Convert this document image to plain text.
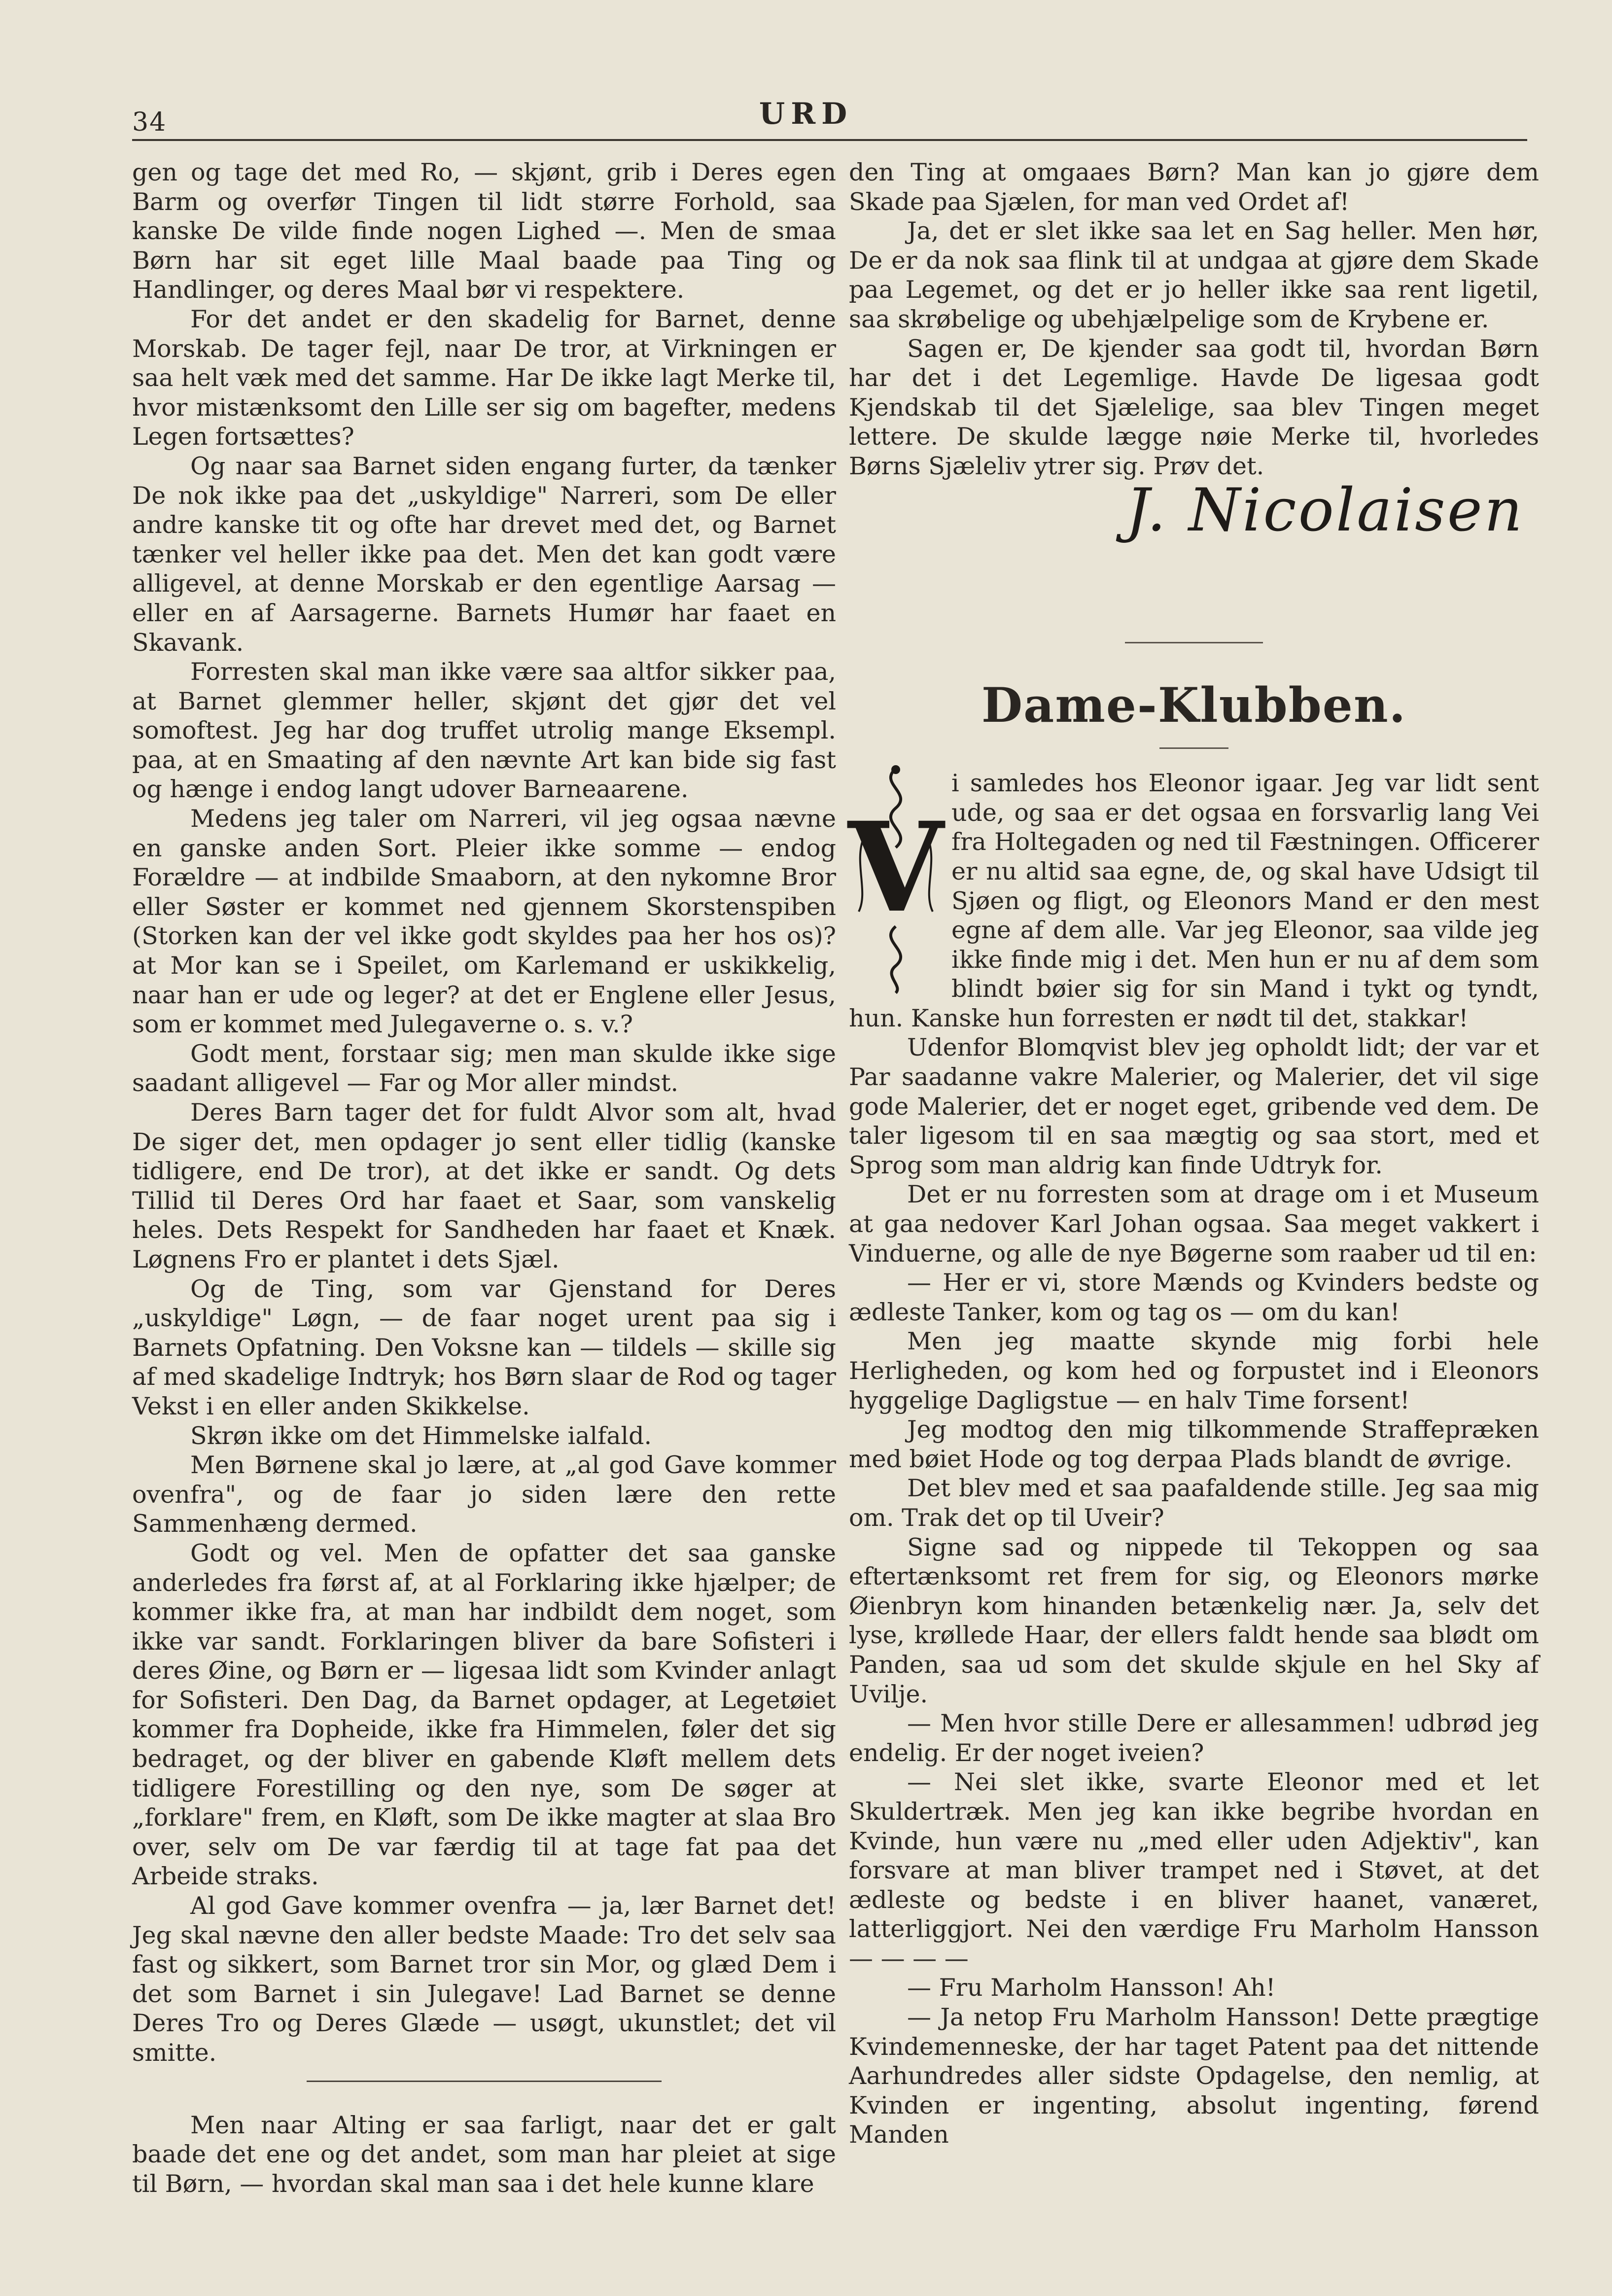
34	URD

gen og tage det med Ro, — skjønt, grib i Deres egen Barm og overfør Tingen til lidt større Forhold, saa kanske De vilde finde nogen Lighed —. Men de smaa Børn har sit eget lille Maal baade paa Ting og Handlinger, og deres Maal bør vi respektere.

For det andet er den skadelig for Barnet, denne Morskab. De tager fejl, naar De tror, at Virkningen er saa helt væk med det samme. Har De ikke lagt Merke til, hvor mistænksomt den Lille ser sig om bagefter, medens Legen fortsættes?

Og naar saa Barnet siden engang furter, da tænker De nok ikke paa det „uskyldige" Narreri, som De eller andre kanske tit og ofte har drevet med det, og Barnet tænker vel heller ikke paa det. Men det kan godt være alligevel, at denne Morskab er den egentlige Aarsag — eller en af Aarsagerne. Barnets Humør har faaet en Skavank.

Forresten skal man ikke være saa altfor sikker paa, at Barnet glemmer heller, skjønt det gjør det vel somoftest. Jeg har dog truffet utrolig mange Eksempl. paa, at en Smaating af den nævnte Art kan bide sig fast og hænge i endog langt udover Barneaarene.

Medens jeg taler om Narreri, vil jeg ogsaa nævne en ganske anden Sort. Pleier ikke somme — endog Forældre — at indbilde Smaaborn, at den nykomne Bror eller Søster er kommet ned gjennem Skorstenspiben (Storken kan der vel ikke godt skyldes paa her hos os)? at Mor kan se i Speilet, om Karlemand er uskikkelig, naar han er ude og leger? at det er Englene eller Jesus, som er kommet med Julegaverne o. s. v.?

Godt ment, forstaar sig; men man skulde ikke sige saadant alligevel — Far og Mor aller mindst.

Deres Barn tager det for fuldt Alvor som alt, hvad De siger det, men opdager jo sent eller tidlig (kanske tidligere, end De tror), at det ikke er sandt. Og dets Tillid til Deres Ord har faaet et Saar, som vanskelig heles. Dets Respekt for Sandheden har faaet et Knæk. Løgnens Fro er plantet i dets Sjæl.

Og de Ting, som var Gjenstand for Deres „uskyldige" Løgn, — de faar noget urent paa sig i Barnets Opfatning. Den Voksne kan — tildels — skille sig af med skadelige Indtryk; hos Børn slaar de Rod og tager Vekst i en eller anden Skikkelse.

Skrøn ikke om det Himmelske ialfald.

Men Børnene skal jo lære, at „al god Gave kommer ovenfra", og de faar jo siden lære den rette Sammenhæng dermed.

Godt og vel. Men de opfatter det saa ganske anderledes fra først af, at al Forklaring ikke hjælper; de kommer ikke fra, at man har indbildt dem noget, som ikke var sandt. Forklaringen bliver da bare Sofisteri i deres Øine, og Børn er — ligesaa lidt som Kvinder anlagt for Sofisteri. Den Dag, da Barnet opdager, at Legetøiet kommer fra Dopheide, ikke fra Himmelen, føler det sig bedraget, og der bliver en gabende Kløft mellem dets tidligere Forestilling og den nye, som De søger at „forklare" frem, en Kløft, som De ikke magter at slaa Bro over, selv om De var færdig til at tage fat paa det Arbeide straks.

Al god Gave kommer ovenfra — ja, lær Barnet det! Jeg skal nævne den aller bedste Maade: Tro det selv saa fast og sikkert, som Barnet tror sin Mor, og glæd Dem i det som Barnet i sin Julegave! Lad Barnet se denne Deres Tro og Deres Glæde — usøgt, ukunstlet; det vil smitte.

Men naar Alting er saa farligt, naar det er galt baade det ene og det andet, som man har pleiet at sige til Børn, — hvordan skal man saa i det hele kunne klare

den Ting at omgaaes Børn? Man kan jo gjøre dem Skade paa Sjælen, for man ved Ordet af!

Ja, det er slet ikke saa let en Sag heller. Men hør, De er da nok saa flink til at undgaa at gjøre dem Skade paa Legemet, og det er jo heller ikke saa rent ligetil, saa skrøbelige og ubehjælpelige som de Krybene er.

Sagen er, De kjender saa godt til, hvordan Børn har det i det Legemlige. Havde De ligesaa godt Kjendskab til det Sjælelige, saa blev Tingen meget lettere. De skulde lægge nøie Merke til, hvorledes Børns Sjæleliv ytrer sig. Prøv det.

J. Nicolaisen
Dame-Klubben.
V

i samledes hos Eleonor igaar. Jeg var lidt sent ude, og saa er det ogsaa en forsvarlig lang Vei fra Holtegaden og ned til Fæstningen. Officerer er nu altid saa egne, de, og skal have Udsigt til Sjøen og fligt, og Eleonors Mand er den mest egne af dem alle. Var jeg Eleonor, saa vilde jeg ikke finde mig i det. Men hun er nu af dem som blindt bøier sig for sin Mand i tykt og tyndt, hun. Kanske hun forresten er nødt til det, stakkar!

Udenfor Blomqvist blev jeg opholdt lidt; der var et Par saadanne vakre Malerier, og Malerier, det vil sige gode Malerier, det er noget eget, gribende ved dem. De taler ligesom til en saa mægtig og saa stort, med et Sprog som man aldrig kan finde Udtryk for.

Det er nu forresten som at drage om i et Museum at gaa nedover Karl Johan ogsaa. Saa meget vakkert i Vinduerne, og alle de nye Bøgerne som raaber ud til en:

— Her er vi, store Mænds og Kvinders bedste og ædleste Tanker, kom og tag os — om du kan!

Men jeg maatte skynde mig forbi hele Herligheden, og kom hed og forpustet ind i Eleonors hyggelige Dagligstue — en halv Time forsent!

Jeg modtog den mig tilkommende Straffepræken med bøiet Hode og tog derpaa Plads blandt de øvrige.

Det blev med et saa paafaldende stille. Jeg saa mig om. Trak det op til Uveir?

Signe sad og nippede til Tekoppen og saa eftertænksomt ret frem for sig, og Eleonors mørke Øienbryn kom hinanden betænkelig nær. Ja, selv det lyse, krøllede Haar, der ellers faldt hende saa blødt om Panden, saa ud som det skulde skjule en hel Sky af Uvilje.

— Men hvor stille Dere er allesammen! udbrød jeg endelig. Er der noget iveien?

— Nei slet ikke, svarte Eleonor med et let Skuldertræk. Men jeg kan ikke begribe hvordan en Kvinde, hun være nu „med eller uden Adjektiv", kan forsvare at man bliver trampet ned i Støvet, at det ædleste og bedste i en bliver haanet, vanæret, latterliggjort. Nei den værdige Fru Marholm Hansson — — — —

— Fru Marholm Hansson! Ah!

— Ja netop Fru Marholm Hansson! Dette prægtige Kvindemenneske, der har taget Patent paa det nittende Aarhundredes aller sidste Opdagelse, den nemlig, at Kvinden er ingenting, absolut ingenting, førend Manden
